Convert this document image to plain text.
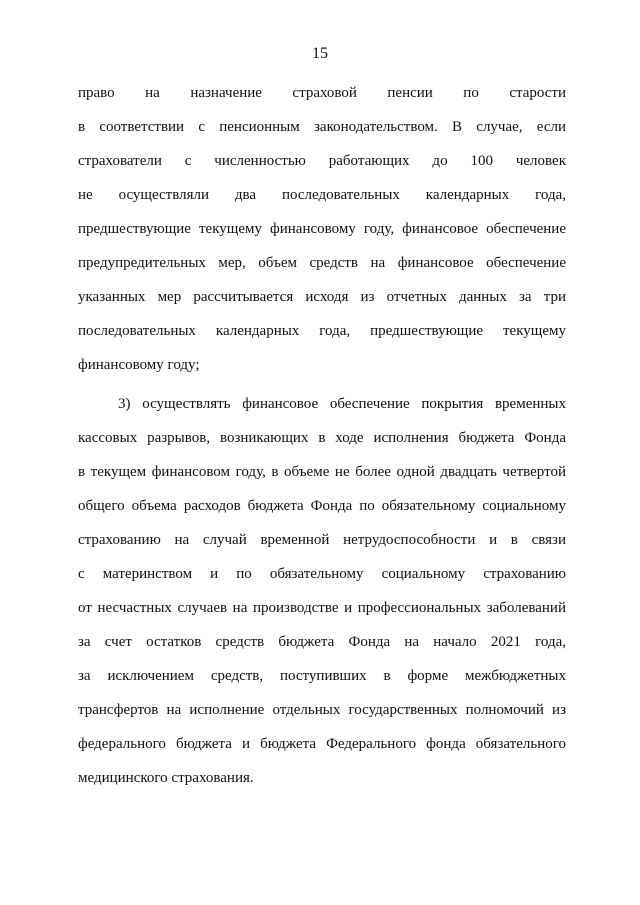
15
право на назначение страховой пенсии по старости
в соответствии с пенсионным законодательством. В случае, если
страхователи с численностью работающих до 100 человек
не осуществляли два последовательных календарных года,
предшествующие текущему финансовому году, финансовое обеспечение
предупредительных мер, объем средств на финансовое обеспечение
указанных мер рассчитывается исходя из отчетных данных за три
последовательных календарных года, предшествующие текущему
финансовому году;
3) осуществлять финансовое обеспечение покрытия временных
кассовых разрывов, возникающих в ходе исполнения бюджета Фонда
в текущем финансовом году, в объеме не более одной двадцать четвертой
общего объема расходов бюджета Фонда по обязательному социальному
страхованию на случай временной нетрудоспособности и в связи
с материнством и по обязательному социальному страхованию
от несчастных случаев на производстве и профессиональных заболеваний
за счет остатков средств бюджета Фонда на начало 2021 года,
за исключением средств, поступивших в форме межбюджетных
трансфертов на исполнение отдельных государственных полномочий из
федерального бюджета и бюджета Федерального фонда обязательного
медицинского страхования.
